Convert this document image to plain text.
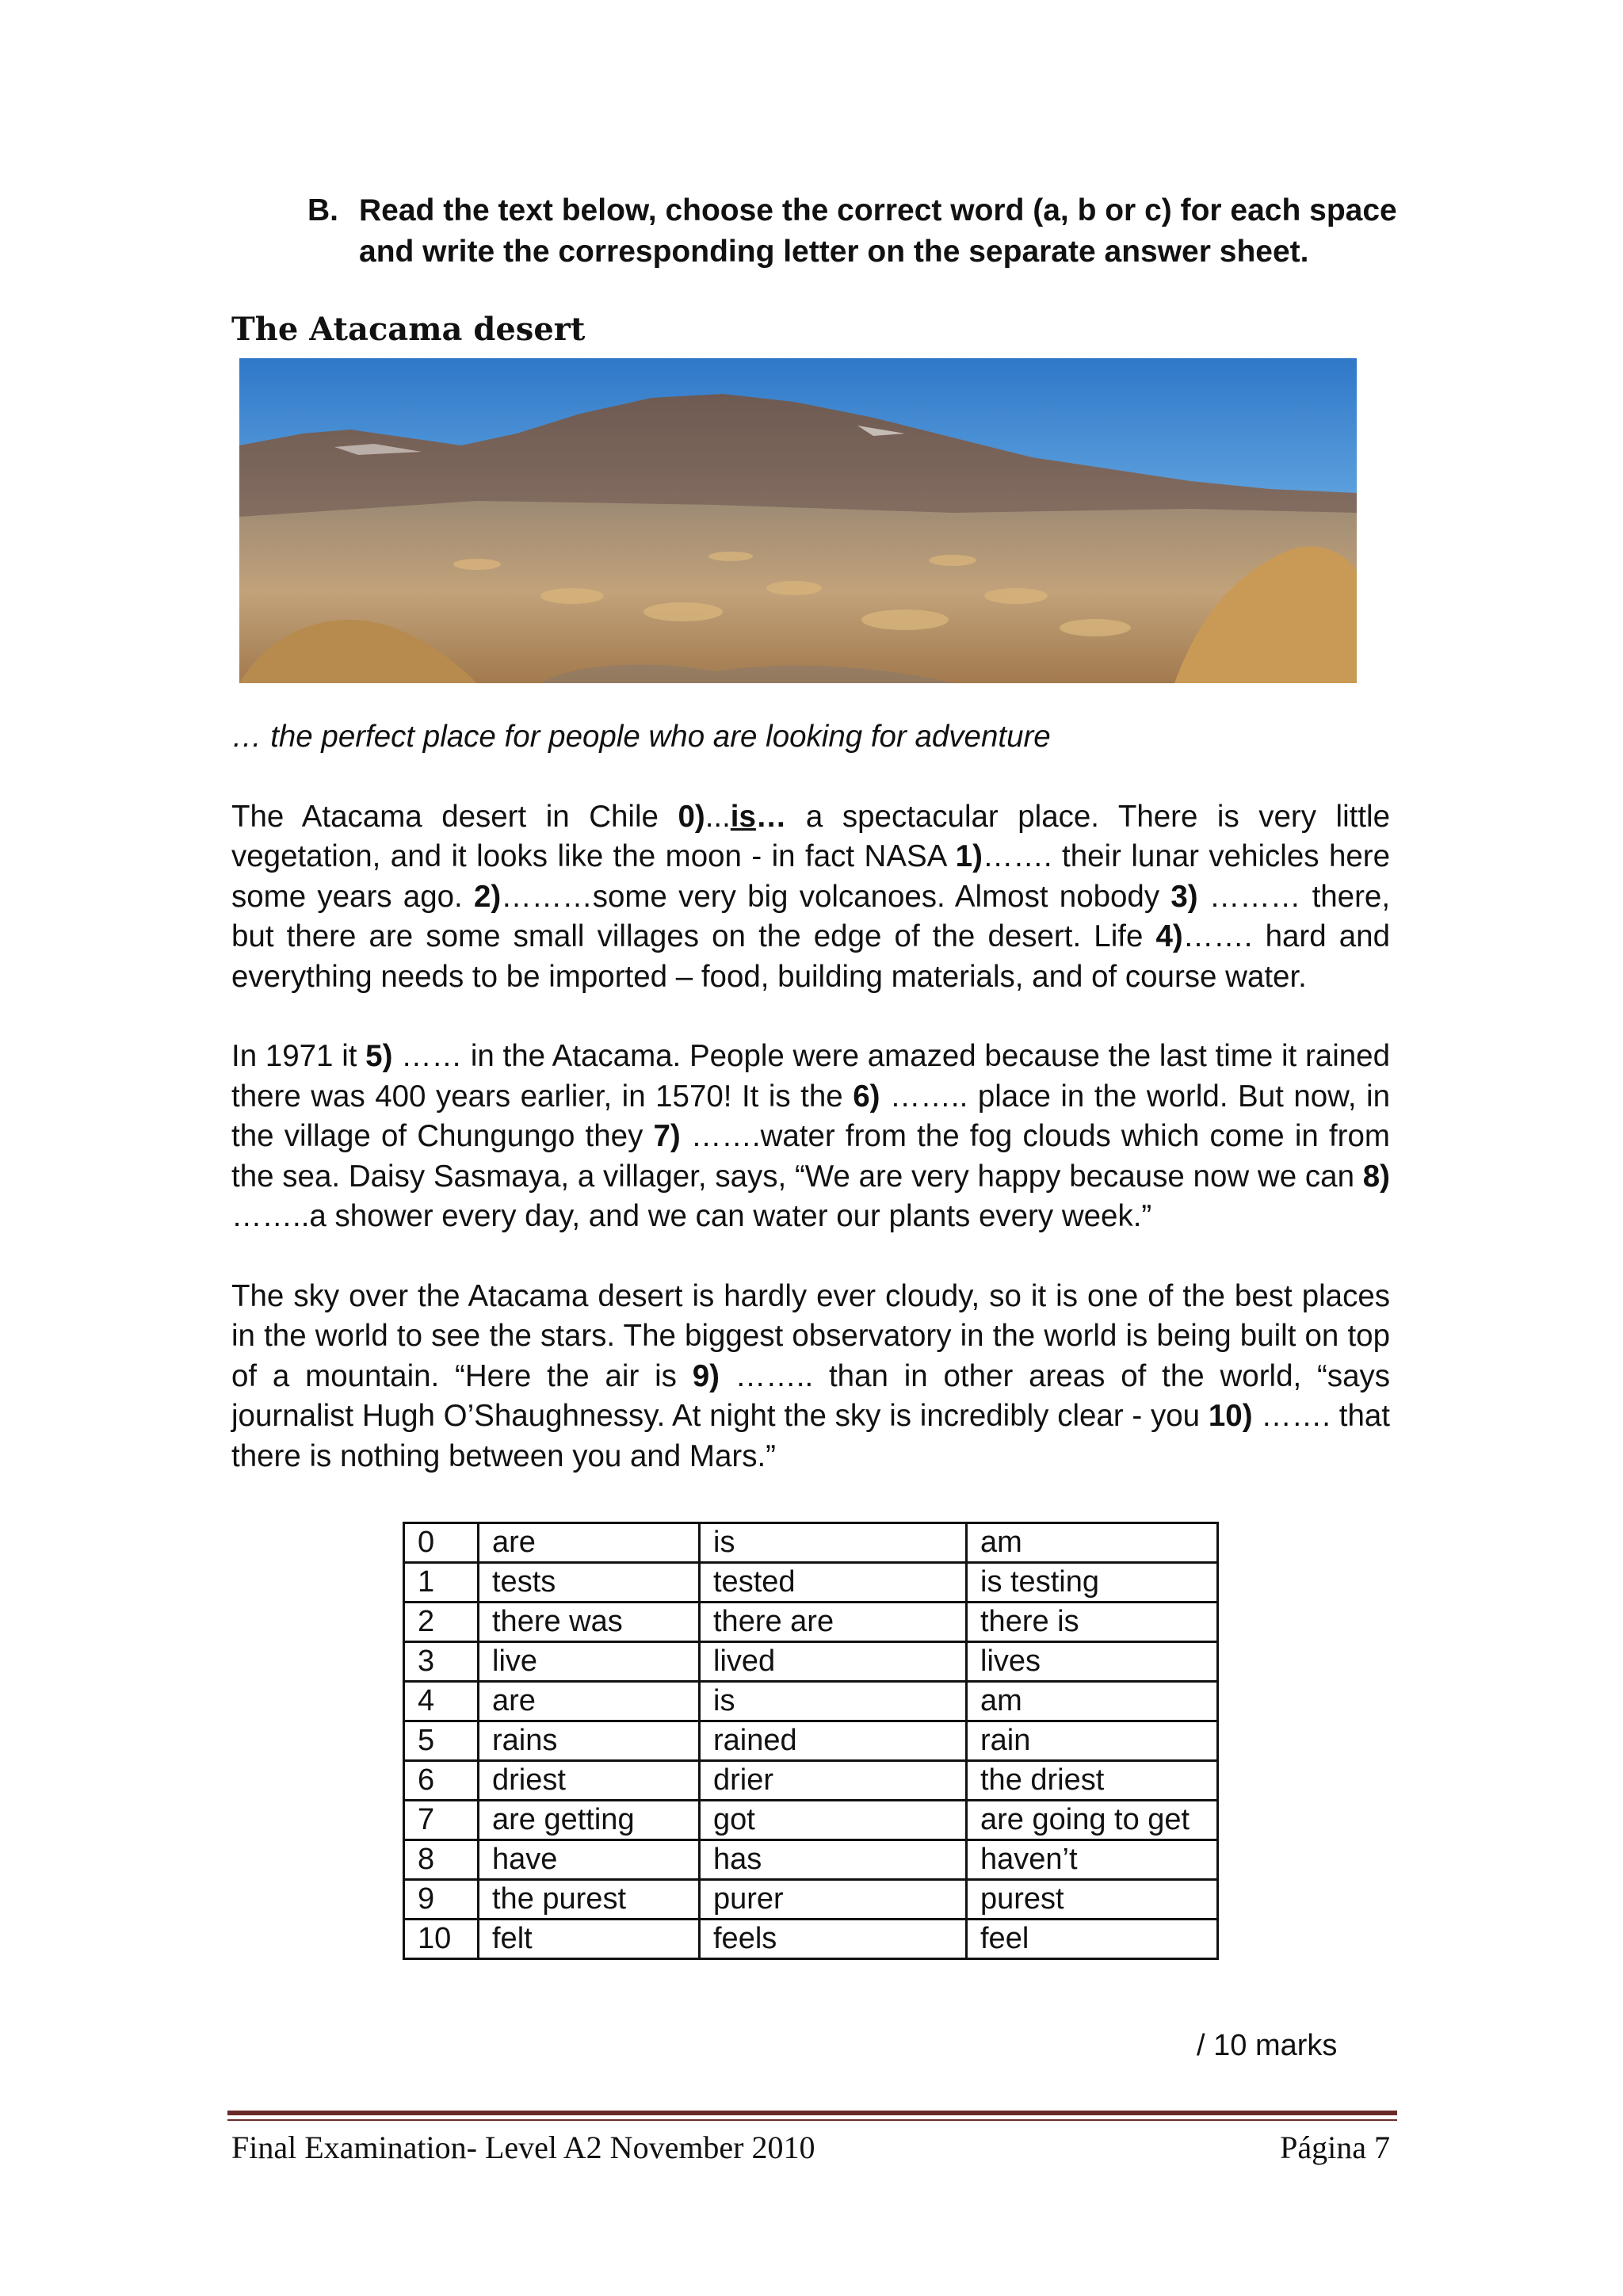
B. Read the text below, choose the correct word (a, b or c) for each space and write the corresponding letter on the separate answer sheet.
The Atacama desert

… the perfect place for people who are looking for adventure

The Atacama desert in Chile 0)...is… a spectacular place. There is very little vegetation, and it looks like the moon - in fact NASA 1)……. their lunar vehicles here some years ago. 2)………some very big volcanoes. Almost nobody 3) ……… there, but there are some small villages on the edge of the desert. Life 4)……. hard and everything needs to be imported – food, building materials, and of course water.

In 1971 it 5) …… in the Atacama. People were amazed because the last time it rained there was 400 years earlier, in 1570! It is the 6) …….. place in the world. But now, in the village of Chungungo they 7) …….water from the fog clouds which come in from the sea. Daisy Sasmaya, a villager, says, “We are very happy because now we can 8) ……..a shower every day, and we can water our plants every week.”

The sky over the Atacama desert is hardly ever cloudy, so it is one of the best places in the world to see the stars. The biggest observatory in the world is being built on top of a mountain. “Here the air is 9) …….. than in other areas of the world, “says journalist Hugh O’Shaughnessy. At night the sky is incredibly clear - you 10) ……. that there is nothing between you and Mars.”

0	are	is	am
1	tests	tested	is testing
2	there was	there are	there is
3	live	lived	lives
4	are	is	am
5	rains	rained	rain
6	driest	drier	the driest
7	are getting	got	are going to get
8	have	has	haven’t
9	the purest	purer	purest
10	felt	feels	feel
/ 10 marks
Final Examination- Level A2 November 2010	Página 7
